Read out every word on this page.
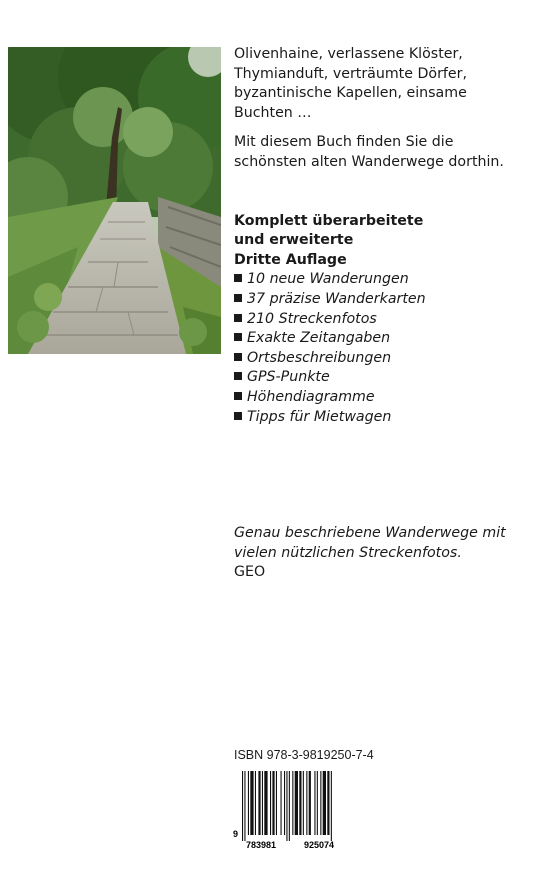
Olivenhaine, verlassene Klöster, Thymianduft, verträumte Dörfer, byzantinische Kapellen, einsame Buchten …

Mit diesem Buch finden Sie die schönsten alten Wanderwege dorthin.

Komplett überarbeitete
und erweiterte
Dritte Auflage
10 neue Wanderungen
37 präzise Wanderkarten
210 Streckenfotos
Exakte Zeitangaben
Ortsbeschreibungen
GPS-Punkte
Höhendiagramme
Tipps für Mietwagen

Genau beschriebene Wanderwege mit vielen nützlichen Streckenfotos.

GEO

ISBN 978-3-9819250-7-4
9
783981	925074
